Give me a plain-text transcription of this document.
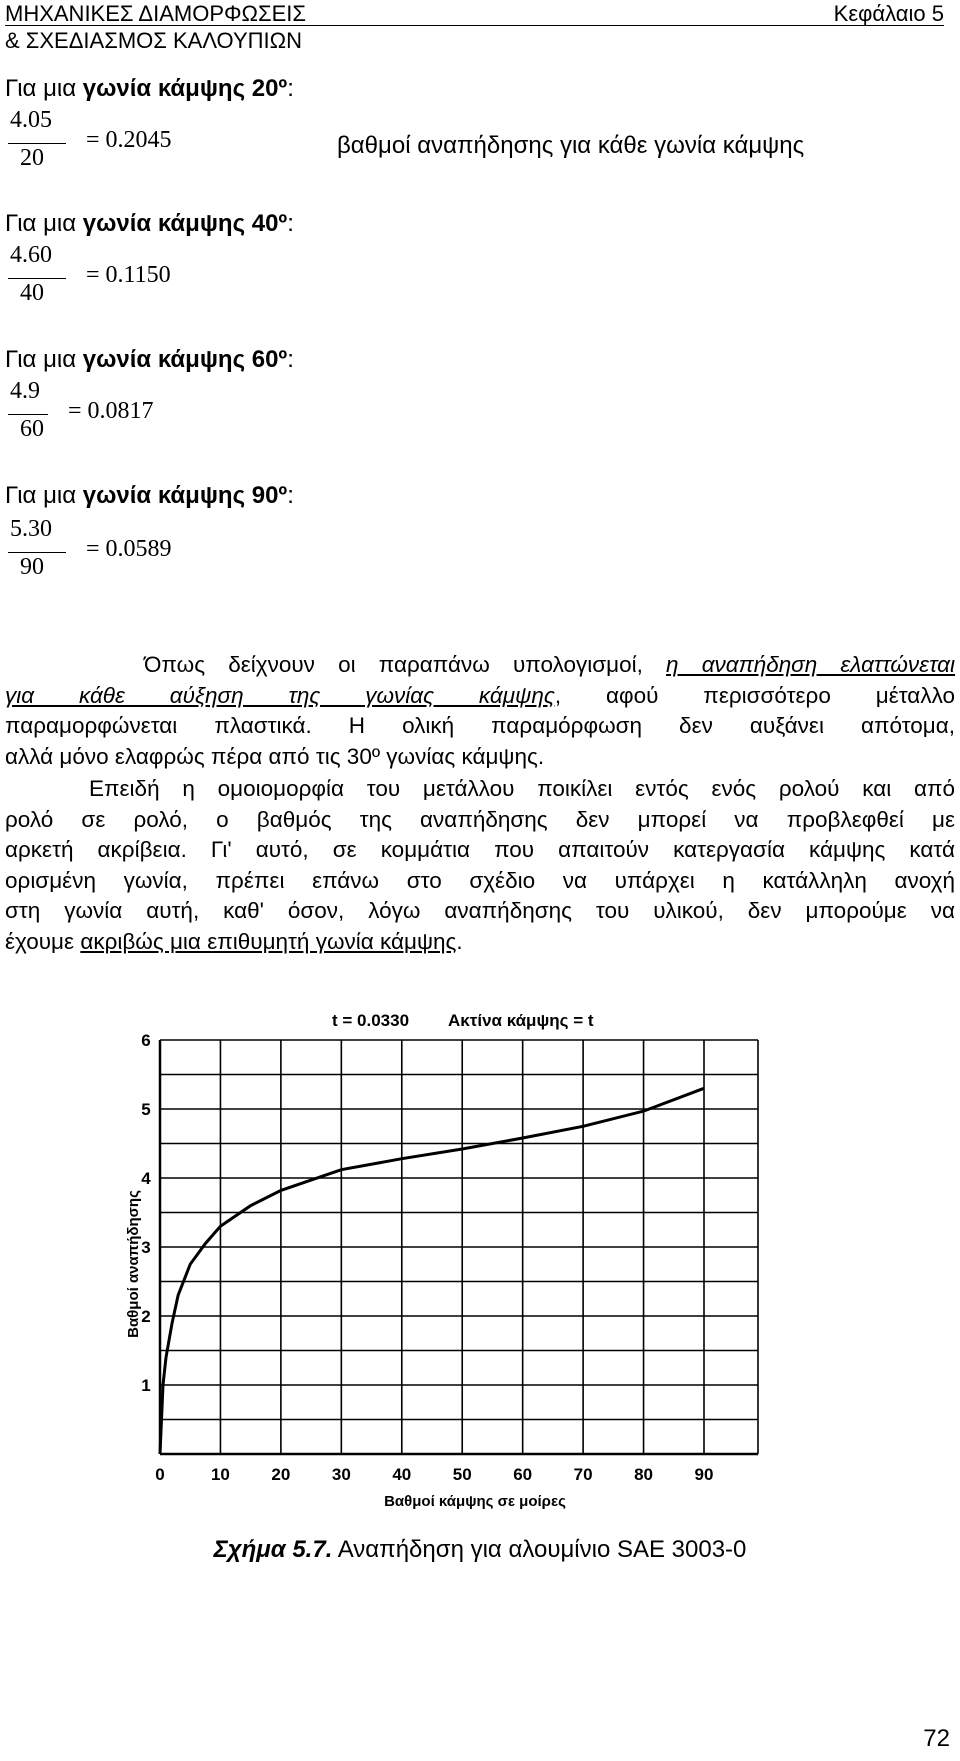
ΜΗΧΑΝΙΚΕΣ ΔΙΑΜΟΡΦΩΣΕΙΣ
& ΣΧΕΔΙΑΣΜΟΣ ΚΑΛΟΥΠΙΩΝ
Κεφάλαιο 5
Για μια γωνία κάμψης 20º:
4.05
20
= 0.2045	βαθμοί αναπήδησης για κάθε γωνία κάμψης
Για μια γωνία κάμψης 40º:
4.60
40
= 0.1150
Για μια γωνία κάμψης 60º:
4.9
60
= 0.0817
Για μια γωνία κάμψης 90º:
5.30
90
= 0.0589
Όπως δείχνουν οι παραπάνω υπολογισμοί, η αναπήδηση ελαττώνεται
για κάθε αύξηση της γωνίας κάμψης, αφού περισσότερο μέταλλο
παραμορφώνεται πλαστικά. Η ολική παραμόρφωση δεν αυξάνει απότομα,
αλλά μόνο ελαφρώς πέρα από τις 30º γωνίας κάμψης.
Επειδή η ομοιομορφία του μετάλλου ποικίλει εντός ενός ρολού και από
ρολό σε ρολό, ο βαθμός της αναπήδησης δεν μπορεί να προβλεφθεί με
αρκετή ακρίβεια. Γι' αυτό, σε κομμάτια που απαιτούν κατεργασία κάμψης κατά
ορισμένη γωνία, πρέπει επάνω στο σχέδιο να υπάρχει η κατάλληλη ανοχή
στη γωνία αυτή, καθ' όσον, λόγω αναπήδησης του υλικού, δεν μπορούμε να
έχουμε ακριβώς μια επιθυμητή γωνία κάμψης.
0	10 20 30 40 50 60 70 80 90
1
2
3
4
5
6
t = 0.0330 Ακτίνα κάμψης = t
Βαθμοί κάμψης σε μοίρες
Βαθμοί αναπήδησης
Σχήμα 5.7. Αναπήδηση για αλουμίνιο SAE 3003-0
72
